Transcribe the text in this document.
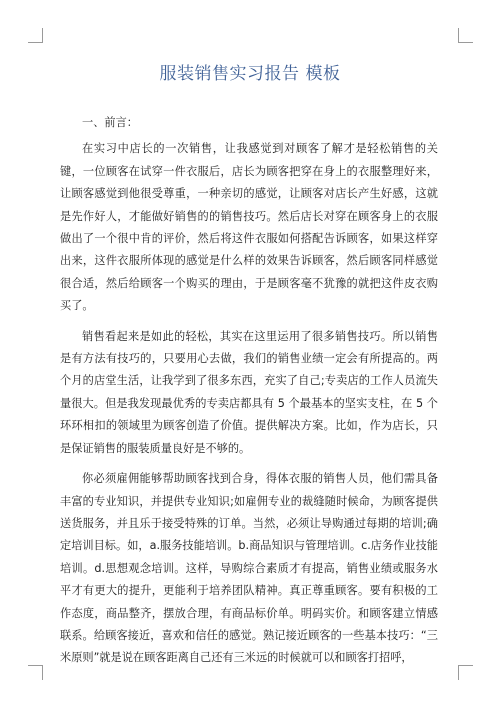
服装销售实习报告 模板

一、前言：

在实习中店长的一次销售，让我感觉到对顾客了解才是轻松销售的关键，一位顾客在试穿一件衣服后，店长为顾客把穿在身上的衣服整理好来，让顾客感觉到他很受尊重，一种亲切的感觉，让顾客对店长产生好感，这就是先作好人，才能做好销售的的销售技巧。然后店长对穿在顾客身上的衣服做出了一个很中肯的评价，然后将这件衣服如何搭配告诉顾客，如果这样穿出来，这件衣服所体现的感觉是什么样的效果告诉顾客，然后顾客同样感觉很合适，然后给顾客一个购买的理由，于是顾客毫不犹豫的就把这件皮衣购买了。

销售看起来是如此的轻松，其实在这里运用了很多销售技巧。所以销售是有方法有技巧的，只要用心去做，我们的销售业绩一定会有所提高的。两个月的店堂生活，让我学到了很多东西，充实了自己;专卖店的工作人员流失量很大。但是我发现最优秀的专卖店都具有 5 个最基本的坚实支柱，在 5 个环环相扣的领域里为顾客创造了价值。提供解决方案。比如，作为店长，只是保证销售的服装质量良好是不够的。

你必须雇佣能够帮助顾客找到合身，得体衣服的销售人员，他们需具备丰富的专业知识，并提供专业知识;如雇佣专业的裁缝随时候命，为顾客提供送货服务，并且乐于接受特殊的订单。当然，必须让导购通过每期的培训;确定培训目标。如，a.服务技能培训。b.商品知识与管理培训。c.店务作业技能培训。d.思想观念培训。这样，导购综合素质才有提高，销售业绩或服务水平才有更大的提升，更能利于培养团队精神。真正尊重顾客。要有积极的工作态度，商品整齐，摆放合理，有商品标价单。明码实价。和顾客建立情感联系。给顾客接近，喜欢和信任的感觉。熟记接近顾客的一些基本技巧：“三米原则”就是说在顾客距离自己还有三米远的时候就可以和顾客打招呼，
